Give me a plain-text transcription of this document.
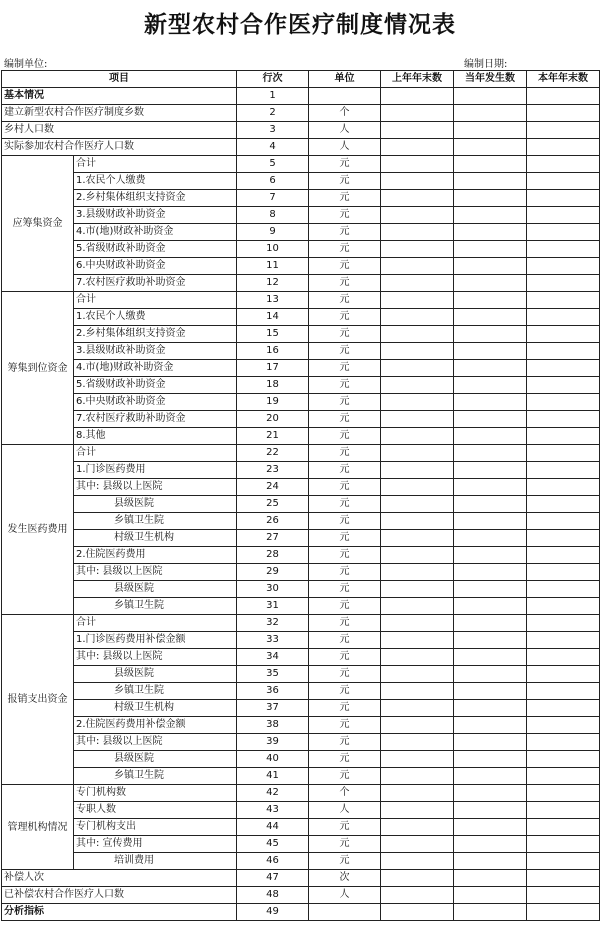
新型农村合作医疗制度情况表
编制单位:	编制日期:
项目		行次	单位	上年年末数	当年发生数	本年年末数
基本情况		1				
建立新型农村合作医疗制度乡数		2	个			
乡村人口数		3	人			
实际参加农村合作医疗人口数		4	人			
应筹集资金	合计	5	元			
	1.农民个人缴费	6	元			
	2.乡村集体组织支持资金	7	元			
	3.县级财政补助资金	8	元			
	4.市(地)财政补助资金	9	元			
	5.省级财政补助资金	10	元			
	6.中央财政补助资金	11	元			
	7.农村医疗救助补助资金	12	元			
筹集到位资金	合计	13	元			
	1.农民个人缴费	14	元			
	2.乡村集体组织支持资金	15	元			
	3.县级财政补助资金	16	元			
	4.市(地)财政补助资金	17	元			
	5.省级财政补助资金	18	元			
	6.中央财政补助资金	19	元			
	7.农村医疗救助补助资金	20	元			
	8.其他	21	元			
发生医药费用	合计	22	元			
	1.门诊医药费用	23	元			
	其中: 县级以上医院	24	元			
	县级医院	25	元			
	乡镇卫生院	26	元			
	村级卫生机构	27	元			
	2.住院医药费用	28	元			
	其中: 县级以上医院	29	元			
	县级医院	30	元			
	乡镇卫生院	31	元			
报销支出资金	合计	32	元			
	1.门诊医药费用补偿金额	33	元			
	其中: 县级以上医院	34	元			
	县级医院	35	元			
	乡镇卫生院	36	元			
	村级卫生机构	37	元			
	2.住院医药费用补偿金额	38	元			
	其中: 县级以上医院	39	元			
	县级医院	40	元			
	乡镇卫生院	41	元			
管理机构情况	专门机构数	42	个			
	专职人数	43	人			
	专门机构支出	44	元			
	其中: 宣传费用	45	元			
	培训费用	46	元			
补偿人次		47	次			
已补偿农村合作医疗人口数		48	人			
分析指标		49				
